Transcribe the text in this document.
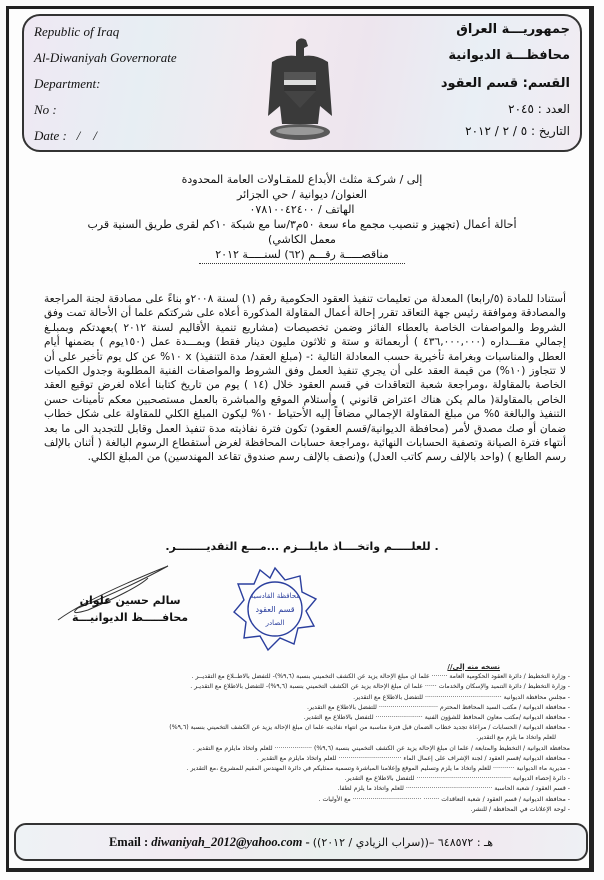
Republic of Iraq
Al-Diwaniyah Governorate
Department:
No :
Date :   /    /
جمهوريـــة العراق
محافظـــة الديوانية
القسم: قسم العقود
العدد : ٢٠٤٥
التاريخ : ٥ / ٢ / ٢٠١٢
إلى / شركـة مثلث الأبداع للمقـاولات العامة المحدودة
العنوان/ ديوانية / حي الجزائر
الهاتف / ٠٧٨١٠٠٤٢٤٠٠
أحالة أعمال (تجهيز و تنصيب مجمع ماء سعة ٥٠م٣/سا مع شبكة ١٠كم لقرى طريق السنية قرب
معمل الكاشي)
مناقصـــــة رقـــم (٦٢) لسنـــــة ٢٠١٢
أستنادا للمادة (٥/رابعا) المعدلة من تعليمات تنفيذ العقود الحكومية رقم (١) لسنة ٢٠٠٨و بناءً على مصادقة لجنة المراجعة والمصادقة وموافقة رئيس جهة التعاقد تقرر إحالة أعمال المقاولة المذكورة أعلاه على شركتكم علما أن الأحالة تمت وفق الشروط والمواصفات الخاصة بالعطاء الفائز وضمن تخصيصات (مشاريع تنمية الأقاليم لسنة ٢٠١٢ )بعهدتكم وبمبلـغ إجمالي مقـــداره (٤٣٦,٠٠٠,٠٠٠ ) أربعمائة و ستة و ثلاثون مليون دينار فقط) وبمـــدة عمل (١٥٠يوم ) بضمنها أيام العطل والمناسبات وبغرامة تأخيرية حسب المعادلة التالية :- (مبلغ العقد/ مدة التنفيذ) x ١٠% عن كل يوم تأخير على أن لا تتجاوز (١٠%) من قيمة العقد على أن يجري تنفيذ العمل وفق الشروط والمواصفات الفنية المطلوبة وجدول الكميات الخاصة بالمقاولة ،ومراجعة شعبة التعاقدات في قسم العقود خلال (١٤ ) يوم من تاريخ كتابنا أعلاه لغرض توقيع العقد الخاص بالمقاولة( مالم يكن هناك اعتراض قانوني ) وأستلام الموقع والمباشرة بالعمل مستصحبين معكم تأمينات حسن التنفيذ والبالغة ٥% من مبلغ المقاولة الإجمالي مضافاً إليه الأحتياط ١٠% ليكون المبلغ الكلي للمقاولة على شكل خطاب ضمان أو صك مصدق لأمر (محافظة الديوانية/قسم العقود) تكون فترة نفاذيته مدة تنفيذ العمل وقابل للتجديد الى ما بعد أنتهاء فترة الصيانة وتصفية الحسابات النهائية ،ومراجعة حسابات المحافظة لغرض أستقطاع الرسوم البالغة ( أثنان بالإلف رسم الطابع ) (واحد بالإلف رسم كاتب العدل) و(نصف بالإلف رسم صندوق تقاعد المهندسين) من المبلغ الكلي.
. للعلـــــم واتخــــاذ مايلـــزم ...مـــع التقديــــــــر.
سالم حسين علوان
محافـــــظ الديوانيـــة
محافظة القادسية
قسم العقود
الصادر
نسخه منه إلى//
- وزارة التخطيط / دائرة العقود الحكومية العامة ········ علما ان مبلغ الإحالة يزيد عن الكشف التخميني بنسبة (٩,٦%)- للتفضل بالاطــلاع مع التقديــر .
- وزارة التخطيط / دائرة التنميد والإسكان والخدمات ······ علما ان مبلغ الإحالة يزيد عن الكشف التخميني بنسبة (٩,٦%)- للتفضل بالاطلاع مع التقديـر .
- مجلس محافظة الديوانية ······································· للتفضل بالاطلاع مع التقدير.
- محافظة الديوانية / مكتب السيد المحافظ المحترم ······························ للتفضل بالاطلاع مع التقدير.
- محافظة الديوانية /مكتب معاون المحافظ للشؤون الفنية ························ للتفضل بالاطلاع مع التقدير.
- محافظة الديوانية / الحسابات / مراعاة تجديد خطاب الضمان قبل فترة مناسبة من انتهاء نفاذيته علما ان مبلغ الإحالة يزيد عن الكشف التخميني بنسبة (٩,٦%)
للعلم واتخاذ ما يلزم مع التقدير.
محافظة الديوانية / التخطيط والمتابعة / علما ان مبلغ الإحالة يزيد عن الكشف التخميني بنسبة (٩,٦%) ··················· للعلم واتخاذ مايلزم مع التقدير .
- محافظة الديوانية /قسم العقود / لجنة الإشراف على إعمال الماء ································ للعلم واتخاذ مايلزم مع التقدير .
- مديرية ماء الديوانية ··········· للعلم واتخاذ ما يلزم وتسليم الموقع وإعلامنا المباشرة وتسمية ممثليكم في دائرة المهندس المقيم للمشروع ،مع التقدير .
- دائرة إحصاء الديوانية ················································ للتفضل بالاطلاع مع التقدير.
- قسم العقود / شعبة الحاسبة ············································ للعلم واتخاذ ما يلزم لطفا.
- محافظة الديوانية / قسم العقود / شعبة التعاقدات ········ ··································· مع الأوليات .
- لوحة الإعلانات في المحافظة / للنشر.
Email : diwaniyah_2012@yahoo.com - هـ : ٦٤٨٥٧٢ –((سراب الزيادي / ٢٠١٢))
